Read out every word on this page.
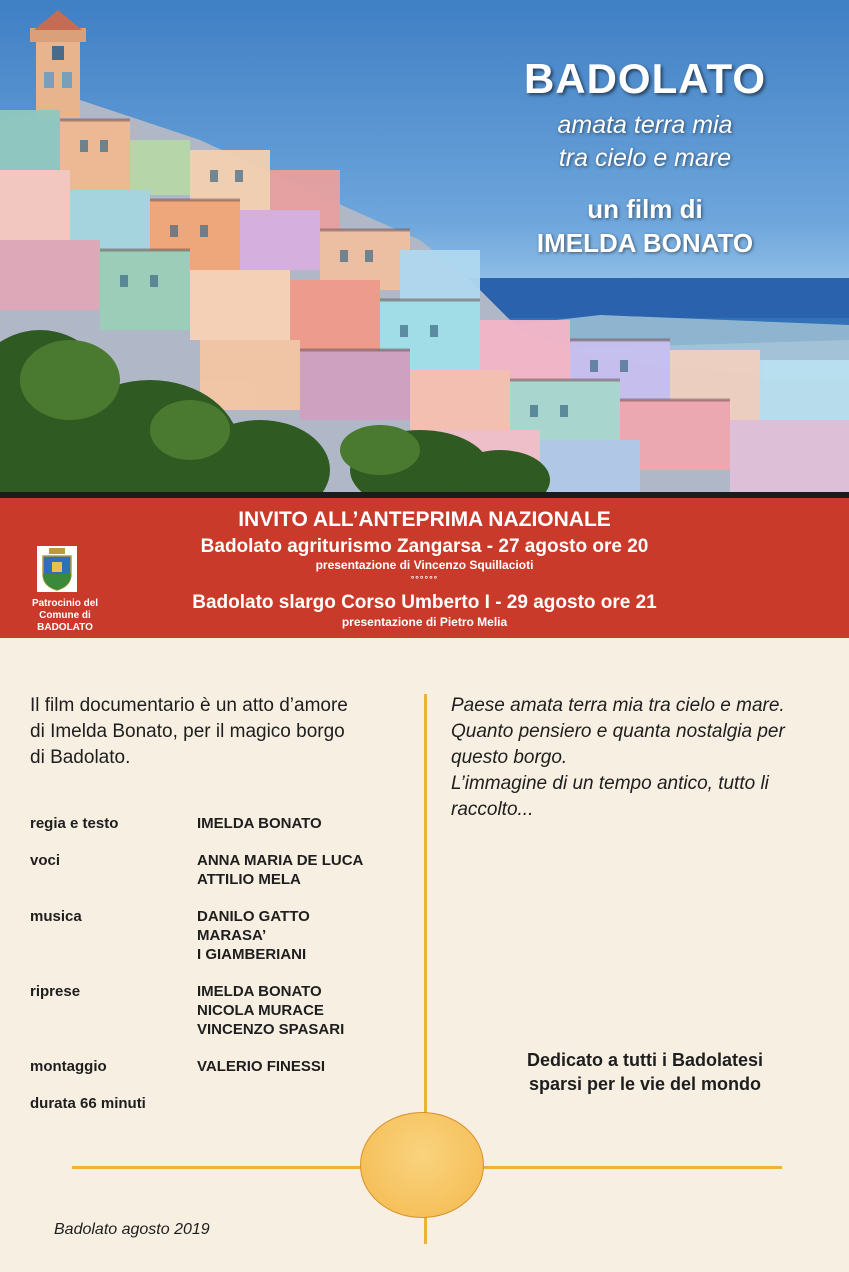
BADOLATO
amata terra mia
tra cielo e mare
un film di
IMELDA BONATO
INVITO ALL’ANTEPRIMA NAZIONALE
Badolato agriturismo Zangarsa - 27 agosto ore 20
presentazione di Vincenzo Squillacioti
°°°°°°
Badolato slargo Corso Umberto I - 29 agosto ore 21
presentazione di Pietro Melia
Patrocinio del
Comune di BADOLATO
Il film documentario è un atto d’amore
di Imelda Bonato, per il magico borgo
di Badolato.
Paese amata terra mia tra cielo e mare.
Quanto pensiero e quanta nostalgia per
questo borgo.
L’immagine di un tempo antico, tutto li
raccolto...
regia e testo	IMELDA BONATO
voci	ANNA MARIA DE LUCA
ATTILIO MELA
musica	DANILO GATTO
MARASA’
I GIAMBERIANI
riprese	IMELDA BONATO
NICOLA MURACE
VINCENZO SPASARI
montaggio	VALERIO FINESSI
durata 66 minuti
Dedicato a tutti i Badolatesi
sparsi per le vie del mondo
Badolato agosto 2019
